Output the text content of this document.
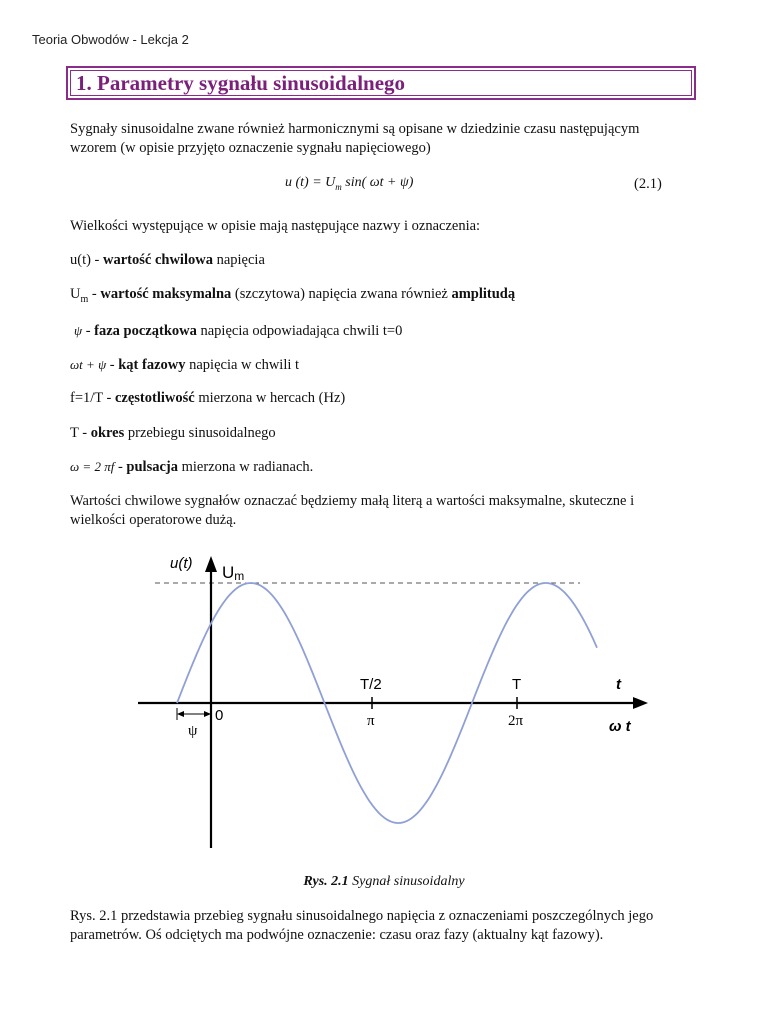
Teoria Obwodów - Lekcja 2
1. Parametry sygnału sinusoidalnego
Sygnały sinusoidalne zwane również harmonicznymi są opisane w dziedzinie czasu następującym
wzorem (w opisie przyjęto oznaczenie sygnału napięciowego)
u $(t) = U_m$ sin( ωt + ψ)	(2.1)
Wielkości występujące w opisie mają następujące nazwy i oznaczenia:
u(t) - wartość chwilowa napięcia
$U_m$ - wartość maksymalna (szczytowa) napięcia zwana również amplitudą
ψ - faza początkowa napięcia odpowiadająca chwili t=0
ωt + ψ - kąt fazowy napięcia w chwili t
f=1/T - częstotliwość mierzona w hercach (Hz)
T - okres przebiegu sinusoidalnego
ω = 2 πf - pulsacja mierzona w radianach.
Wartości chwilowe sygnałów oznaczać będziemy małą literą a wartości maksymalne, skuteczne i
wielkości operatorowe dużą.
u(t) Um
T/2	T	t
π	2π	ω t
0
ψ
Rys. 2.1 Sygnał sinusoidalny
Rys. 2.1 przedstawia przebieg sygnału sinusoidalnego napięcia z oznaczeniami poszczególnych jego
parametrów. Oś odciętych ma podwójne oznaczenie: czasu oraz fazy (aktualny kąt fazowy).
